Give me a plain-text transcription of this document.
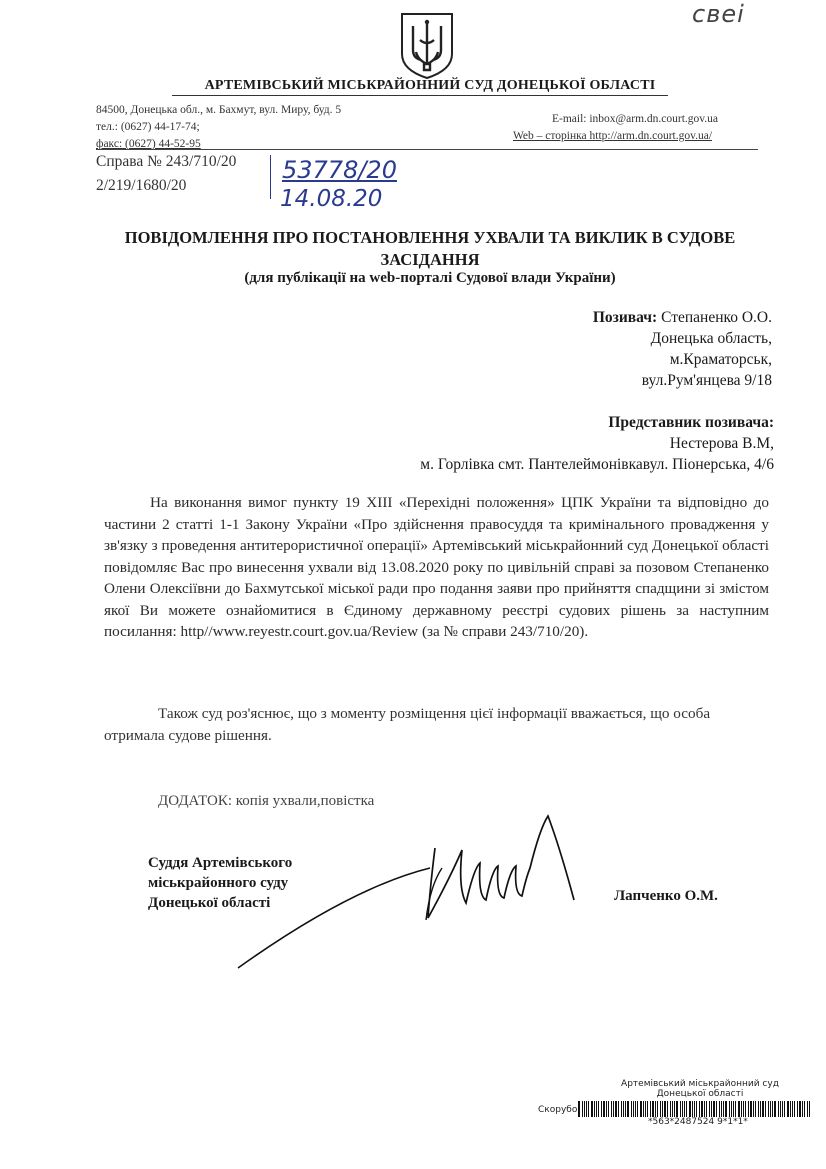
свеі
АРТЕМІВСЬКИЙ МІСЬКРАЙОННИЙ СУД ДОНЕЦЬКОЇ ОБЛАСТІ
84500, Донецька обл., м. Бахмут, вул. Миру, буд. 5
тел.: (0627) 44-17-74;
факс: (0627) 44-52-95
E-mail: inbox@arm.dn.court.gov.ua
Web – сторінка http://arm.dn.court.gov.ua/
Справа № 243/710/20
2/219/1680/20
53778/20
14.08.20
ПОВІДОМЛЕННЯ ПРО ПОСТАНОВЛЕННЯ УХВАЛИ ТА ВИКЛИК В СУДОВЕ
ЗАСІДАННЯ
(для публікації на web-порталі Судової влади України)
Позивач: Степаненко О.О.
Донецька область,
м.Краматорськ,
вул.Рум'янцева 9/18
Представник позивача:
Нестерова В.М,
м. Горлівка смт. Пантелеймонівкавул. Піонерська, 4/6
На виконання вимог пункту 19 ХІІІ «Перехідні положення» ЦПК України та відповідно до частини 2 статті 1-1 Закону України «Про здійснення правосуддя та кримінального провадження у зв'язку з проведення антитерористичної операції» Артемівський міськрайонний суд Донецької області повідомляє Вас про винесення ухвали від 13.08.2020 року по цивільній справі за позовом Степаненко Олени Олексіївни до Бахмутської міської ради про подання заяви про прийняття спадщини зі змістом якої Ви можете ознайомитися в Єдиному державному реєстрі судових рішень за наступним посилання: http//www.reyestr.court.gov.ua/Review (за № справи 243/710/20).
Також суд роз'яснює, що з моменту розміщення цієї інформації вважається, що особа отримала судове рішення.
ДОДАТОК: копія ухвали,повістка
Суддя Артемівського
міськрайонного суду
Донецької області	Лапченко О.М.
Артемівський міськрайонний суд
Донецької області
Скорубо
*563*2487524 9*1*1*
